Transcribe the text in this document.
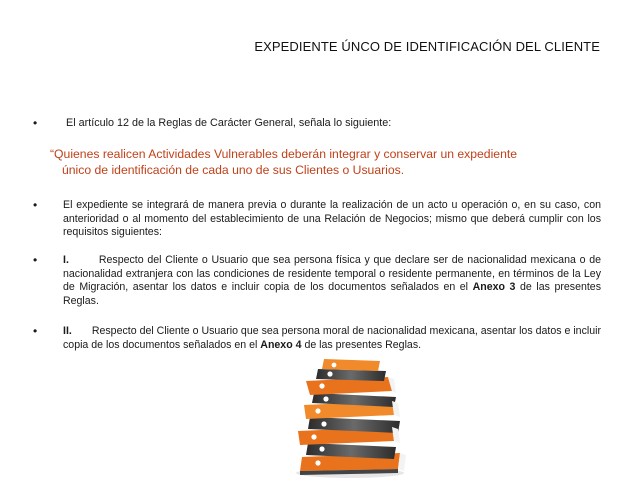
EXPEDIENTE ÚNCO DE IDENTIFICACIÓN DEL CLIENTE
•	El artículo 12 de la Reglas de Carácter General, señala lo siguiente:
“Quienes realicen Actividades Vulnerables deberán integrar y conservar un expediente
único de identificación de cada uno de sus Clientes o Usuarios.
• El expediente se integrará de manera previa o durante la realización de un acto u operación o, en su caso, con anterioridad o al momento del establecimiento de una Relación de Negocios; mismo que deberá cumplir con los requisitos siguientes:
• I.	Respecto del Cliente o Usuario que sea persona física y que declare ser de nacionalidad mexicana o de nacionalidad extranjera con las condiciones de residente temporal o residente permanente, en términos de la Ley de Migración, asentar los datos e incluir copia de los documentos señalados en el Anexo 3 de las presentes Reglas.
• II. Respecto del Cliente o Usuario que sea persona moral de nacionalidad mexicana, asentar los datos e incluir copia de los documentos señalados en el Anexo 4 de las presentes Reglas.
